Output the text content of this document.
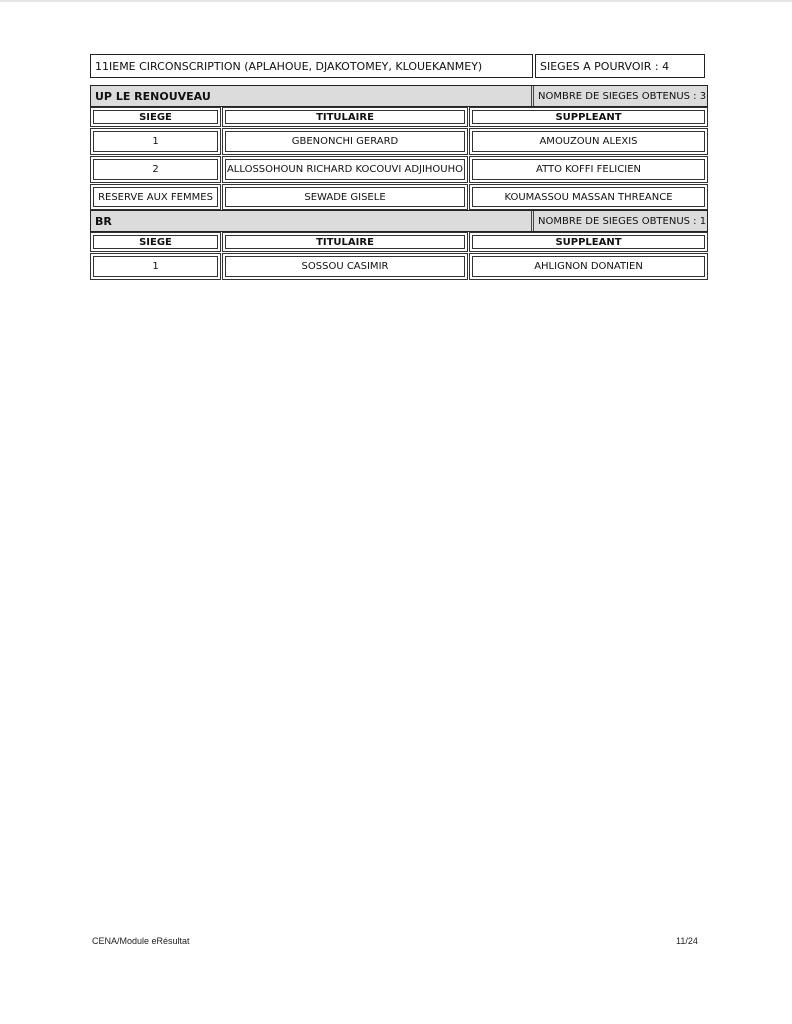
11IEME CIRCONSCRIPTION (APLAHOUE, DJAKOTOMEY, KLOUEKANMEY)	SIEGES A POURVOIR : 4
UP LE RENOUVEAU	NOMBRE DE SIEGES OBTENUS : 3
SIEGE	TITULAIRE	SUPPLEANT
1	GBENONCHI GERARD	AMOUZOUN ALEXIS
2	ALLOSSOHOUN RICHARD KOCOUVI ADJIHOUHO	ATTO KOFFI FELICIEN
RESERVE AUX FEMMES	SEWADE GISELE	KOUMASSOU MASSAN THREANCE
BR	NOMBRE DE SIEGES OBTENUS : 1
SIEGE	TITULAIRE	SUPPLEANT
1	SOSSOU CASIMIR	AHLIGNON DONATIEN
CENA/Module eRésultat	11/24
